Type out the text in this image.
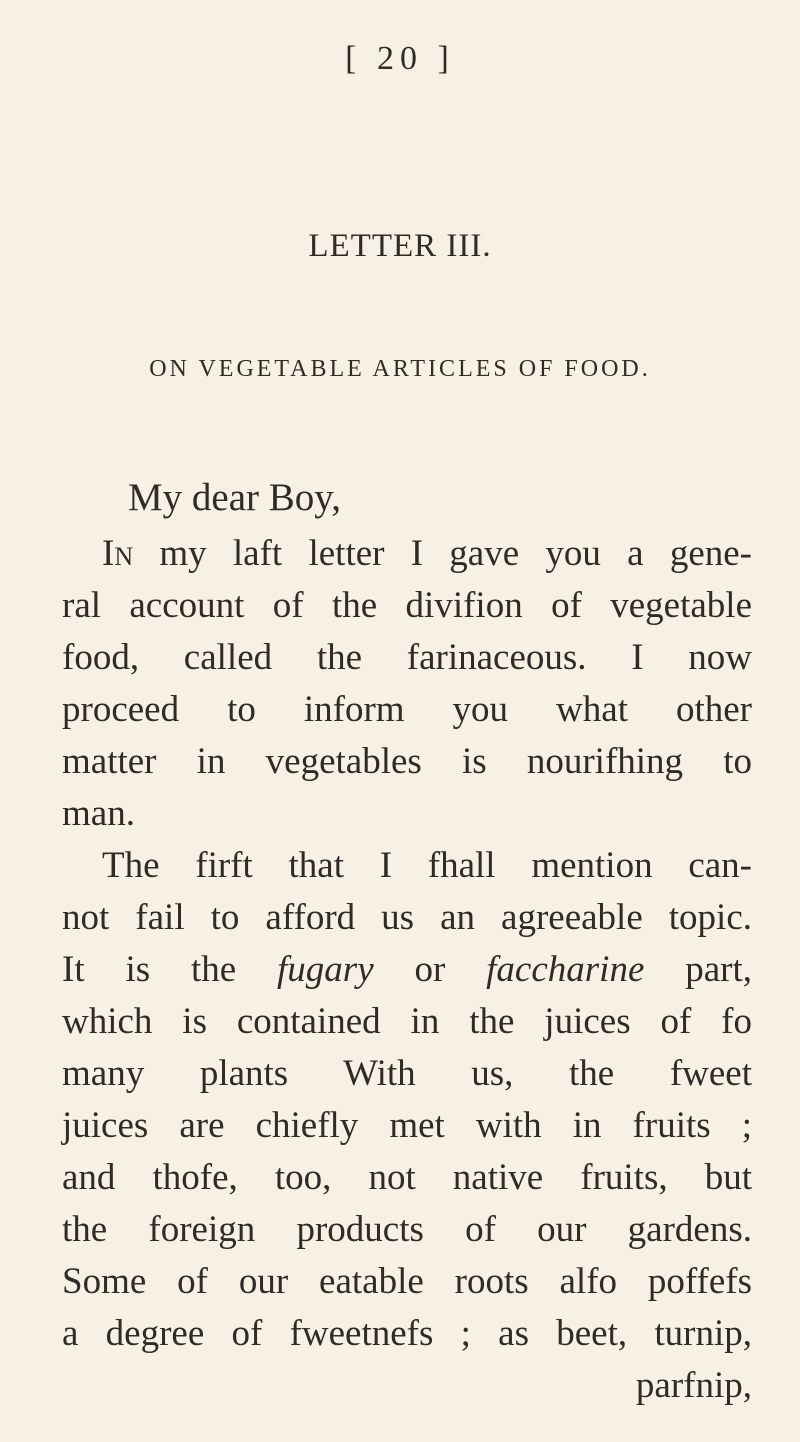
[ 20 ]
LETTER III.
ON VEGETABLE ARTICLES OF FOOD.
My dear Boy,
In my laft letter I gave you a gene-
ral account of the divifion of vegetable
food, called the farinaceous. I now
proceed to inform you what other
matter in vegetables is nourifhing to
man.
The firft that I fhall mention can-
not fail to afford us an agreeable topic.
It is the fugary or faccharine part,
which is contained in the juices of fo
many plants With us, the fweet
juices are chiefly met with in fruits ;
and thofe, too, not native fruits, but
the foreign products of our gardens.
Some of our eatable roots alfo poffefs
a degree of fweetnefs ; as beet, turnip,
parfnip,
